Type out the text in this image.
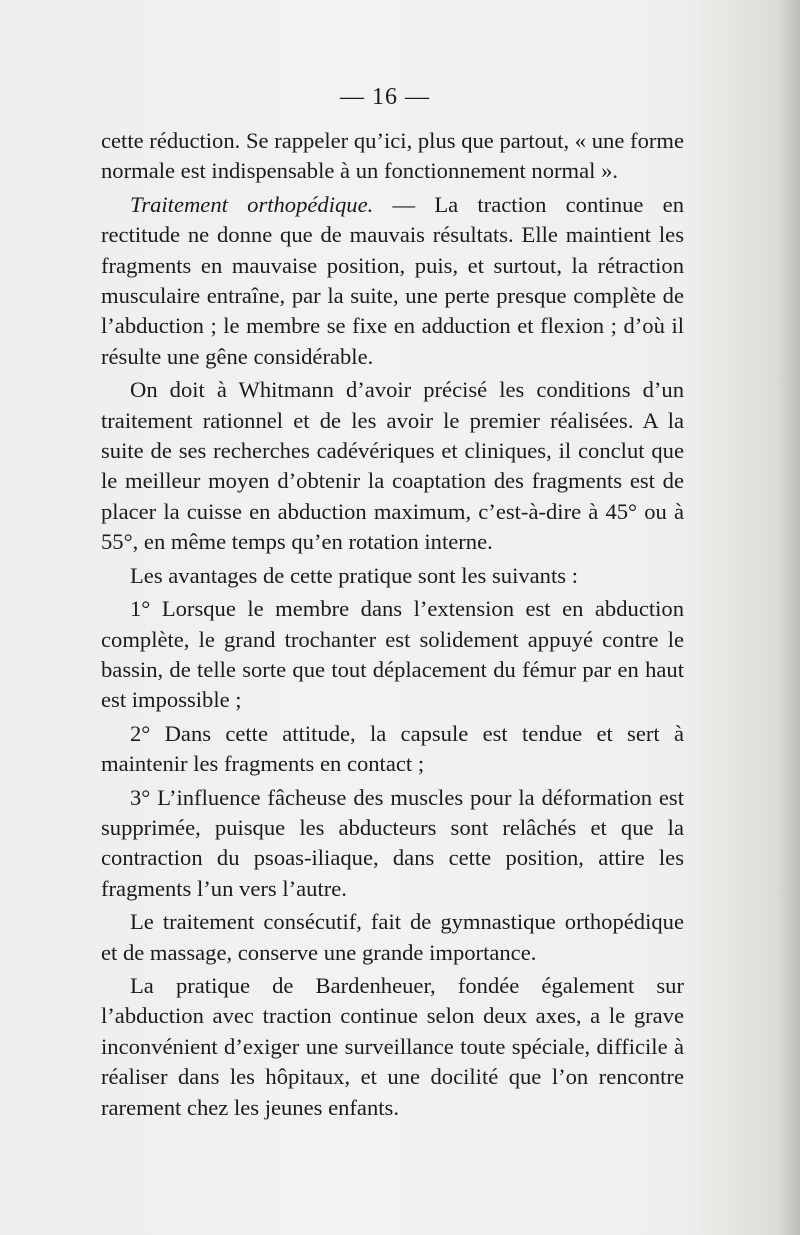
— 16 —

cette réduction. Se rappeler qu’ici, plus que partout, « une forme normale est indispensable à un fonctionnement normal ».

Traitement orthopédique. — La traction continue en rectitude ne donne que de mauvais résultats. Elle maintient les fragments en mauvaise position, puis, et surtout, la rétraction musculaire entraîne, par la suite, une perte presque complète de l’abduction ; le membre se fixe en adduction et flexion ; d’où il résulte une gêne considérable.

On doit à Whitmann d’avoir précisé les conditions d’un traitement rationnel et de les avoir le premier réalisées. A la suite de ses recherches cadévériques et cliniques, il conclut que le meilleur moyen d’obtenir la coaptation des fragments est de placer la cuisse en abduction maximum, c’est-à-dire à 45° ou à 55°, en même temps qu’en rotation interne.

Les avantages de cette pratique sont les suivants :

1° Lorsque le membre dans l’extension est en abduction complète, le grand trochanter est solidement appuyé contre le bassin, de telle sorte que tout déplacement du fémur par en haut est impossible ;

2° Dans cette attitude, la capsule est tendue et sert à maintenir les fragments en contact ;

3° L’influence fâcheuse des muscles pour la déformation est supprimée, puisque les abducteurs sont relâchés et que la contraction du psoas-iliaque, dans cette position, attire les fragments l’un vers l’autre.

Le traitement consécutif, fait de gymnastique orthopédique et de massage, conserve une grande importance.

La pratique de Bardenheuer, fondée également sur l’abduction avec traction continue selon deux axes, a le grave inconvénient d’exiger une surveillance toute spéciale, difficile à réaliser dans les hôpitaux, et une docilité que l’on rencontre rarement chez les jeunes enfants.
